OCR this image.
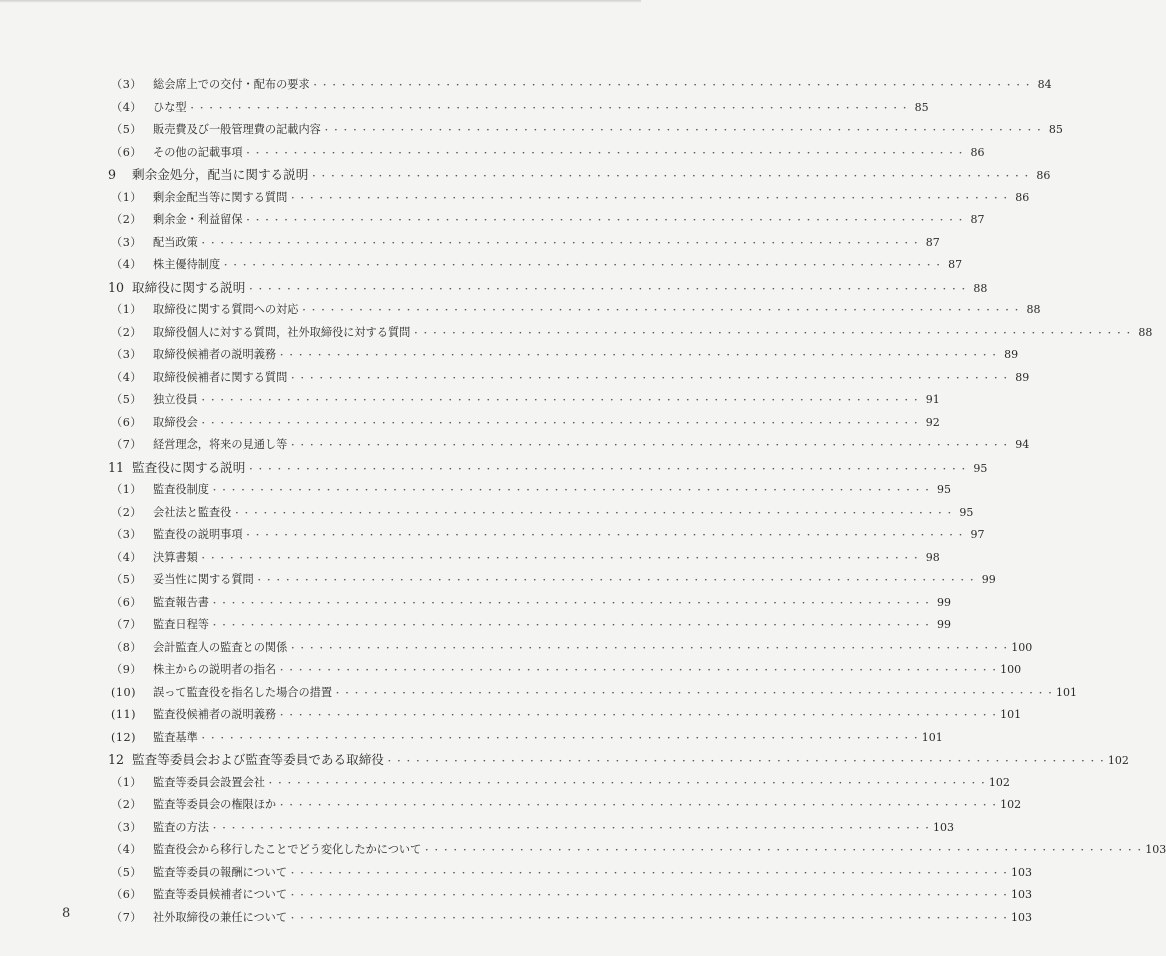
（3） 総会席上での交付・配布の要求 ・・・・・・・・・・・・・・・・・・・・・・・・・・・・・・・・・・・・・・・・・・・・・・・・・・・・・・・・・・・・・・・・・・・・・・・・・・・・	84
（4） ひな型 ・・・・・・・・・・・・・・・・・・・・・・・・・・・・・・・・・・・・・・・・・・・・・・・・・・・・・・・・・・・・・・・・・・・・・・・・・・・・	85
（5） 販売費及び一般管理費の記載内容 ・・・・・・・・・・・・・・・・・・・・・・・・・・・・・・・・・・・・・・・・・・・・・・・・・・・・・・・・・・・・・・・・・・・・・・・・・・・・	85
（6） その他の記載事項 ・・・・・・・・・・・・・・・・・・・・・・・・・・・・・・・・・・・・・・・・・・・・・・・・・・・・・・・・・・・・・・・・・・・・・・・・・・・・	86
9	剰余金処分，配当に関する説明 ・・・・・・・・・・・・・・・・・・・・・・・・・・・・・・・・・・・・・・・・・・・・・・・・・・・・・・・・・・・・・・・・・・・・・・・・・・・・	86
（1） 剰余金配当等に関する質問 ・・・・・・・・・・・・・・・・・・・・・・・・・・・・・・・・・・・・・・・・・・・・・・・・・・・・・・・・・・・・・・・・・・・・・・・・・・・・	86
（2） 剰余金・利益留保 ・・・・・・・・・・・・・・・・・・・・・・・・・・・・・・・・・・・・・・・・・・・・・・・・・・・・・・・・・・・・・・・・・・・・・・・・・・・・	87
（3） 配当政策 ・・・・・・・・・・・・・・・・・・・・・・・・・・・・・・・・・・・・・・・・・・・・・・・・・・・・・・・・・・・・・・・・・・・・・・・・・・・・	87
（4） 株主優待制度 ・・・・・・・・・・・・・・・・・・・・・・・・・・・・・・・・・・・・・・・・・・・・・・・・・・・・・・・・・・・・・・・・・・・・・・・・・・・・	87
10 取締役に関する説明 ・・・・・・・・・・・・・・・・・・・・・・・・・・・・・・・・・・・・・・・・・・・・・・・・・・・・・・・・・・・・・・・・・・・・・・・・・・・・	88
（1） 取締役に関する質問への対応 ・・・・・・・・・・・・・・・・・・・・・・・・・・・・・・・・・・・・・・・・・・・・・・・・・・・・・・・・・・・・・・・・・・・・・・・・・・・・	88
（2） 取締役個人に対する質問，社外取締役に対する質問 ・・・・・・・・・・・・・・・・・・・・・・・・・・・・・・・・・・・・・・・・・・・・・・・・・・・・・・・・・・・・・・・・・・・・・・・・・・・・	88
（3） 取締役候補者の説明義務 ・・・・・・・・・・・・・・・・・・・・・・・・・・・・・・・・・・・・・・・・・・・・・・・・・・・・・・・・・・・・・・・・・・・・・・・・・・・・	89
（4） 取締役候補者に関する質問 ・・・・・・・・・・・・・・・・・・・・・・・・・・・・・・・・・・・・・・・・・・・・・・・・・・・・・・・・・・・・・・・・・・・・・・・・・・・・	89
（5） 独立役員 ・・・・・・・・・・・・・・・・・・・・・・・・・・・・・・・・・・・・・・・・・・・・・・・・・・・・・・・・・・・・・・・・・・・・・・・・・・・・	91
（6） 取締役会 ・・・・・・・・・・・・・・・・・・・・・・・・・・・・・・・・・・・・・・・・・・・・・・・・・・・・・・・・・・・・・・・・・・・・・・・・・・・・	92
（7） 経営理念，将来の見通し等 ・・・・・・・・・・・・・・・・・・・・・・・・・・・・・・・・・・・・・・・・・・・・・・・・・・・・・・・・・・・・・・・・・・・・・・・・・・・・	94
11 監査役に関する説明 ・・・・・・・・・・・・・・・・・・・・・・・・・・・・・・・・・・・・・・・・・・・・・・・・・・・・・・・・・・・・・・・・・・・・・・・・・・・・	95
（1） 監査役制度 ・・・・・・・・・・・・・・・・・・・・・・・・・・・・・・・・・・・・・・・・・・・・・・・・・・・・・・・・・・・・・・・・・・・・・・・・・・・・	95
（2） 会社法と監査役 ・・・・・・・・・・・・・・・・・・・・・・・・・・・・・・・・・・・・・・・・・・・・・・・・・・・・・・・・・・・・・・・・・・・・・・・・・・・・	95
（3） 監査役の説明事項 ・・・・・・・・・・・・・・・・・・・・・・・・・・・・・・・・・・・・・・・・・・・・・・・・・・・・・・・・・・・・・・・・・・・・・・・・・・・・	97
（4） 決算書類 ・・・・・・・・・・・・・・・・・・・・・・・・・・・・・・・・・・・・・・・・・・・・・・・・・・・・・・・・・・・・・・・・・・・・・・・・・・・・	98
（5） 妥当性に関する質問 ・・・・・・・・・・・・・・・・・・・・・・・・・・・・・・・・・・・・・・・・・・・・・・・・・・・・・・・・・・・・・・・・・・・・・・・・・・・・	99
（6） 監査報告書 ・・・・・・・・・・・・・・・・・・・・・・・・・・・・・・・・・・・・・・・・・・・・・・・・・・・・・・・・・・・・・・・・・・・・・・・・・・・・	99
（7） 監査日程等 ・・・・・・・・・・・・・・・・・・・・・・・・・・・・・・・・・・・・・・・・・・・・・・・・・・・・・・・・・・・・・・・・・・・・・・・・・・・・	99
（8） 会計監査人の監査との関係 ・・・・・・・・・・・・・・・・・・・・・・・・・・・・・・・・・・・・・・・・・・・・・・・・・・・・・・・・・・・・・・・・・・・・・・・・・・・・	100
（9） 株主からの説明者の指名 ・・・・・・・・・・・・・・・・・・・・・・・・・・・・・・・・・・・・・・・・・・・・・・・・・・・・・・・・・・・・・・・・・・・・・・・・・・・・	100
(10)	誤って監査役を指名した場合の措置 ・・・・・・・・・・・・・・・・・・・・・・・・・・・・・・・・・・・・・・・・・・・・・・・・・・・・・・・・・・・・・・・・・・・・・・・・・・・・	101
(11)	監査役候補者の説明義務 ・・・・・・・・・・・・・・・・・・・・・・・・・・・・・・・・・・・・・・・・・・・・・・・・・・・・・・・・・・・・・・・・・・・・・・・・・・・・	101
(12)	監査基準 ・・・・・・・・・・・・・・・・・・・・・・・・・・・・・・・・・・・・・・・・・・・・・・・・・・・・・・・・・・・・・・・・・・・・・・・・・・・・	101
12 監査等委員会および監査等委員である取締役 ・・・・・・・・・・・・・・・・・・・・・・・・・・・・・・・・・・・・・・・・・・・・・・・・・・・・・・・・・・・・・・・・・・・・・・・・・・・・	102
（1） 監査等委員会設置会社 ・・・・・・・・・・・・・・・・・・・・・・・・・・・・・・・・・・・・・・・・・・・・・・・・・・・・・・・・・・・・・・・・・・・・・・・・・・・・	102
（2） 監査等委員会の権限ほか ・・・・・・・・・・・・・・・・・・・・・・・・・・・・・・・・・・・・・・・・・・・・・・・・・・・・・・・・・・・・・・・・・・・・・・・・・・・・	102
（3） 監査の方法 ・・・・・・・・・・・・・・・・・・・・・・・・・・・・・・・・・・・・・・・・・・・・・・・・・・・・・・・・・・・・・・・・・・・・・・・・・・・・	103
（4） 監査役会から移行したことでどう変化したかについて ・・・・・・・・・・・・・・・・・・・・・・・・・・・・・・・・・・・・・・・・・・・・・・・・・・・・・・・・・・・・・・・・・・・・・・・・・・・・	103
（5） 監査等委員の報酬について ・・・・・・・・・・・・・・・・・・・・・・・・・・・・・・・・・・・・・・・・・・・・・・・・・・・・・・・・・・・・・・・・・・・・・・・・・・・・	103
（6） 監査等委員候補者について ・・・・・・・・・・・・・・・・・・・・・・・・・・・・・・・・・・・・・・・・・・・・・・・・・・・・・・・・・・・・・・・・・・・・・・・・・・・・	103
（7） 社外取締役の兼任について ・・・・・・・・・・・・・・・・・・・・・・・・・・・・・・・・・・・・・・・・・・・・・・・・・・・・・・・・・・・・・・・・・・・・・・・・・・・・	103
8
